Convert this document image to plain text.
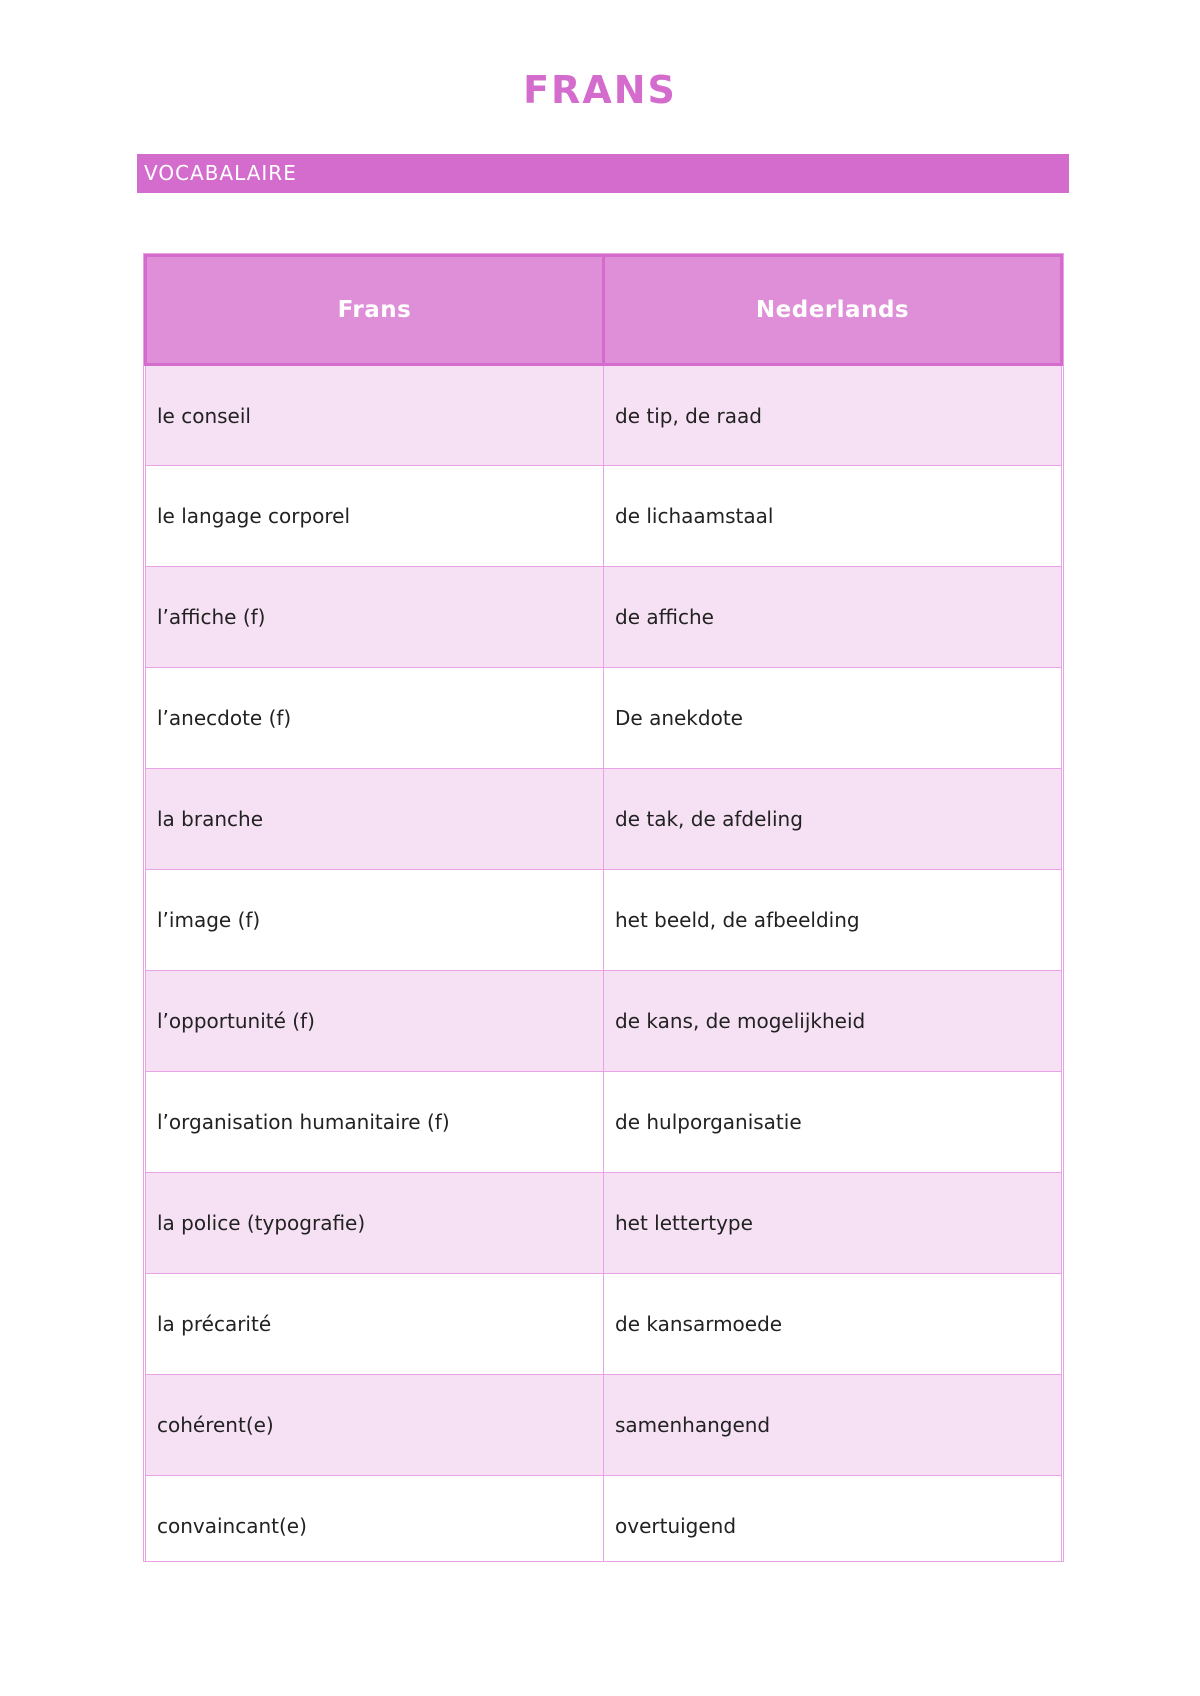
FRANS
VOCABALAIRE
Frans	Nederlands
le conseil	de tip, de raad
le langage corporel	de lichaamstaal
l’affiche (f)	de affiche
l’anecdote (f)	De anekdote
la branche	de tak, de afdeling
l’image (f)	het beeld, de afbeelding
l’opportunité (f)	de kans, de mogelijkheid
l’organisation humanitaire (f)	de hulporganisatie
la police (typografie)	het lettertype
la précarité	de kansarmoede
cohérent(e)	samenhangend
convaincant(e)	overtuigend
